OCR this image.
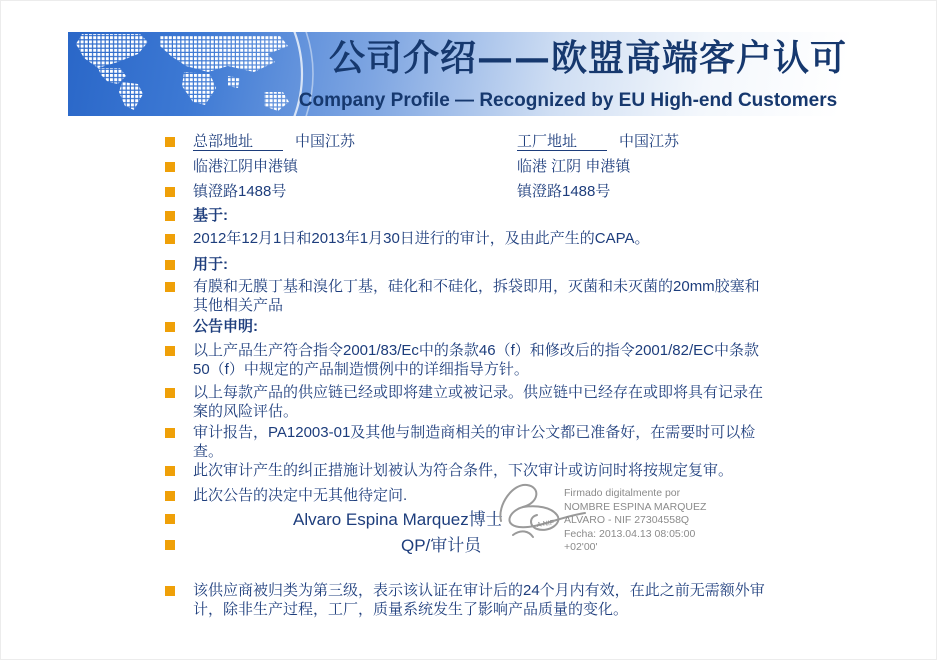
公司介绍——欧盟高端客户认可
Company Profile — Recognized by EU High-end Customers
总部地址	中国江苏	工厂地址	中国江苏
临港江阴申港镇	临港 江阴 申港镇
镇澄路1488号	镇澄路1488号
基于:
2012年12月1日和2013年1月30日进行的审计，及由此产生的CAPA。
用于:
有膜和无膜丁基和溴化丁基，硅化和不硅化，拆袋即用，灭菌和未灭菌的20mm胶塞和其他相关产品
公告申明:
以上产品生产符合指令2001/83/Ec中的条款46（f）和修改后的指令2001/82/EC中条款50（f）中规定的产品制造惯例中的详细指导方针。
以上每款产品的供应链已经或即将建立或被记录。供应链中已经存在或即将具有记录在案的风险评估。
审计报告，PA12003-01及其他与制造商相关的审计公文都已准备好，在需要时可以检查。
此次审计产生的纠正措施计划被认为符合条件，下次审计或访问时将按规定复审。
此次公告的决定中无其他待定问.
Alvaro Espina Marquez博士
QP/审计员
该供应商被归类为第三级，表示该认证在审计后的24个月内有效，在此之前无需额外审计，除非生产过程，工厂，质量系统发生了影响产品质量的变化。
A NIF
Firmado digitalmente por
NOMBRE ESPINA MARQUEZ
ALVARO - NIF 27304558Q
Fecha: 2013.04.13 08:05:00
+02'00'
